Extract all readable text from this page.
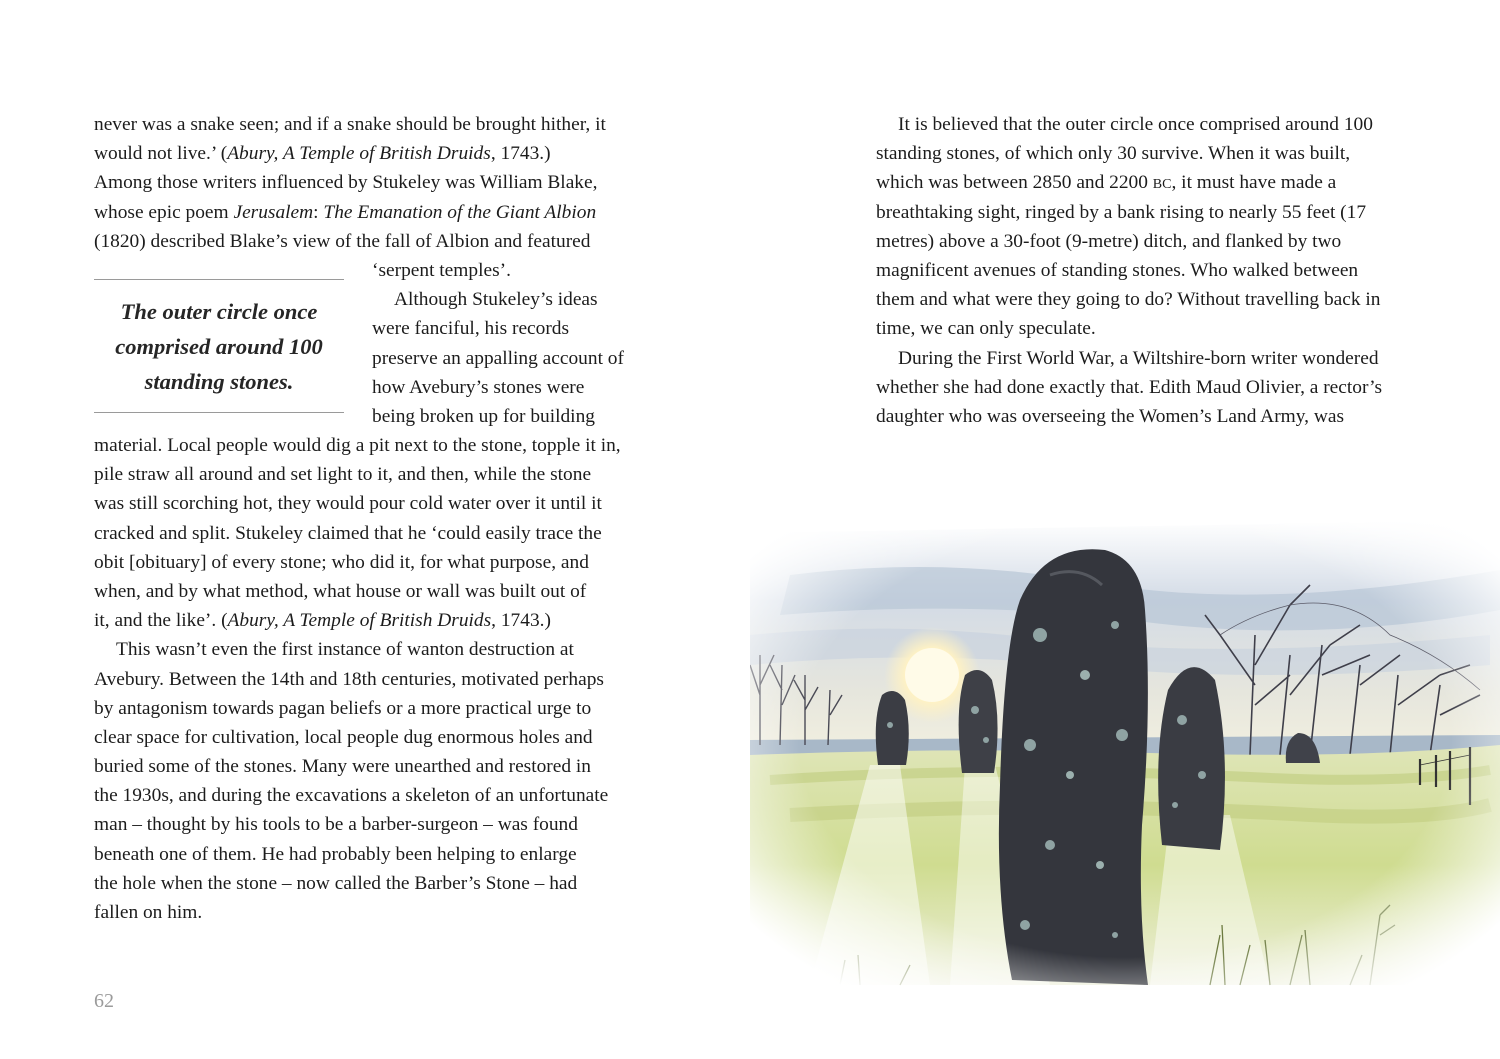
never was a snake seen; and if a snake should be brought hither, it
would not live.’ (Abury, A Temple of British Druids, 1743.)
Among those writers influenced by Stukeley was William Blake,
whose epic poem Jerusalem: The Emanation of the Giant Albion
(1820) described Blake’s view of the fall of Albion and featured
The outer circle once
comprised around 100
standing stones.
‘serpent temples’.
Although Stukeley’s ideas
were fanciful, his records
preserve an appalling account of
how Avebury’s stones were
being broken up for building
material. Local people would dig a pit next to the stone, topple it in,
pile straw all around and set light to it, and then, while the stone
was still scorching hot, they would pour cold water over it until it
cracked and split. Stukeley claimed that he ‘could easily trace the
obit [obituary] of every stone; who did it, for what purpose, and
when, and by what method, what house or wall was built out of
it, and the like’. (Abury, A Temple of British Druids, 1743.)
This wasn’t even the first instance of wanton destruction at
Avebury. Between the 14th and 18th centuries, motivated perhaps
by antagonism towards pagan beliefs or a more practical urge to
clear space for cultivation, local people dug enormous holes and
buried some of the stones. Many were unearthed and restored in
the 1930s, and during the excavations a skeleton of an unfortunate
man – thought by his tools to be a barber-surgeon – was found
beneath one of them. He had probably been helping to enlarge
the hole when the stone – now called the Barber’s Stone – had
fallen on him.
62
It is believed that the outer circle once comprised around 100
standing stones, of which only 30 survive. When it was built,
which was between 2850 and 2200 bc, it must have made a
breathtaking sight, ringed by a bank rising to nearly 55 feet (17
metres) above a 30-foot (9-metre) ditch, and flanked by two
magnificent avenues of standing stones. Who walked between
them and what were they going to do? Without travelling back in
time, we can only speculate.
During the First World War, a Wiltshire-born writer wondered
whether she had done exactly that. Edith Maud Olivier, a rector’s
daughter who was overseeing the Women’s Land Army, was
